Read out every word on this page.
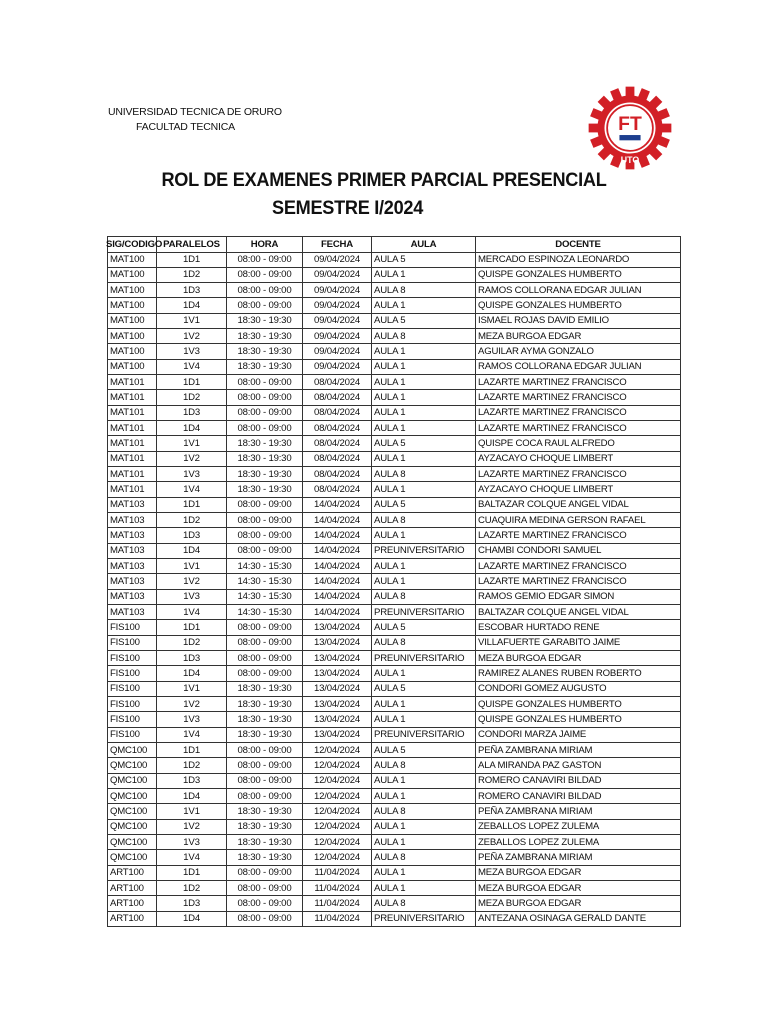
UNIVERSIDAD TECNICA DE ORURO
FACULTAD TECNICA	FT
UTO
ROL DE EXAMENES PRIMER PARCIAL PRESENCIAL
SEMESTRE I/2024
SIG/CODIGO	PARALELOS	HORA	FECHA	AULA	DOCENTE
MAT100	1D1	08:00 - 09:00	09/04/2024	AULA 5	MERCADO ESPINOZA LEONARDO
MAT100	1D2	08:00 - 09:00	09/04/2024	AULA 1	QUISPE GONZALES HUMBERTO
MAT100	1D3	08:00 - 09:00	09/04/2024	AULA 8	RAMOS COLLORANA EDGAR JULIAN
MAT100	1D4	08:00 - 09:00	09/04/2024	AULA 1	QUISPE GONZALES HUMBERTO
MAT100	1V1	18:30 - 19:30	09/04/2024	AULA 5	ISMAEL ROJAS DAVID EMILIO
MAT100	1V2	18:30 - 19:30	09/04/2024	AULA 8	MEZA BURGOA EDGAR
MAT100	1V3	18:30 - 19:30	09/04/2024	AULA 1	AGUILAR AYMA GONZALO
MAT100	1V4	18:30 - 19:30	09/04/2024	AULA 1	RAMOS COLLORANA EDGAR JULIAN
MAT101	1D1	08:00 - 09:00	08/04/2024	AULA 1	LAZARTE MARTINEZ FRANCISCO
MAT101	1D2	08:00 - 09:00	08/04/2024	AULA 1	LAZARTE MARTINEZ FRANCISCO
MAT101	1D3	08:00 - 09:00	08/04/2024	AULA 1	LAZARTE MARTINEZ FRANCISCO
MAT101	1D4	08:00 - 09:00	08/04/2024	AULA 1	LAZARTE MARTINEZ FRANCISCO
MAT101	1V1	18:30 - 19:30	08/04/2024	AULA 5	QUISPE COCA RAUL ALFREDO
MAT101	1V2	18:30 - 19:30	08/04/2024	AULA 1	AYZACAYO CHOQUE LIMBERT
MAT101	1V3	18:30 - 19:30	08/04/2024	AULA 8	LAZARTE MARTINEZ FRANCISCO
MAT101	1V4	18:30 - 19:30	08/04/2024	AULA 1	AYZACAYO CHOQUE LIMBERT
MAT103	1D1	08:00 - 09:00	14/04/2024	AULA 5	BALTAZAR COLQUE ANGEL VIDAL
MAT103	1D2	08:00 - 09:00	14/04/2024	AULA 8	CUAQUIRA MEDINA GERSON RAFAEL
MAT103	1D3	08:00 - 09:00	14/04/2024	AULA 1	LAZARTE MARTINEZ FRANCISCO
MAT103	1D4	08:00 - 09:00	14/04/2024	PREUNIVERSITARIO	CHAMBI CONDORI SAMUEL
MAT103	1V1	14:30 - 15:30	14/04/2024	AULA 1	LAZARTE MARTINEZ FRANCISCO
MAT103	1V2	14:30 - 15:30	14/04/2024	AULA 1	LAZARTE MARTINEZ FRANCISCO
MAT103	1V3	14:30 - 15:30	14/04/2024	AULA 8	RAMOS GEMIO EDGAR SIMON
MAT103	1V4	14:30 - 15:30	14/04/2024	PREUNIVERSITARIO	BALTAZAR COLQUE ANGEL VIDAL
FIS100	1D1	08:00 - 09:00	13/04/2024	AULA 5	ESCOBAR HURTADO RENE
FIS100	1D2	08:00 - 09:00	13/04/2024	AULA 8	VILLAFUERTE GARABITO JAIME
FIS100	1D3	08:00 - 09:00	13/04/2024	PREUNIVERSITARIO	MEZA BURGOA EDGAR
FIS100	1D4	08:00 - 09:00	13/04/2024	AULA 1	RAMIREZ ALANES RUBEN ROBERTO
FIS100	1V1	18:30 - 19:30	13/04/2024	AULA 5	CONDORI GOMEZ AUGUSTO
FIS100	1V2	18:30 - 19:30	13/04/2024	AULA 1	QUISPE GONZALES HUMBERTO
FIS100	1V3	18:30 - 19:30	13/04/2024	AULA 1	QUISPE GONZALES HUMBERTO
FIS100	1V4	18:30 - 19:30	13/04/2024	PREUNIVERSITARIO	CONDORI MARZA JAIME
QMC100	1D1	08:00 - 09:00	12/04/2024	AULA 5	PEÑA ZAMBRANA MIRIAM
QMC100	1D2	08:00 - 09:00	12/04/2024	AULA 8	ALA MIRANDA PAZ GASTON
QMC100	1D3	08:00 - 09:00	12/04/2024	AULA 1	ROMERO CANAVIRI BILDAD
QMC100	1D4	08:00 - 09:00	12/04/2024	AULA 1	ROMERO CANAVIRI BILDAD
QMC100	1V1	18:30 - 19:30	12/04/2024	AULA 8	PEÑA ZAMBRANA MIRIAM
QMC100	1V2	18:30 - 19:30	12/04/2024	AULA 1	ZEBALLOS LOPEZ ZULEMA
QMC100	1V3	18:30 - 19:30	12/04/2024	AULA 1	ZEBALLOS LOPEZ ZULEMA
QMC100	1V4	18:30 - 19:30	12/04/2024	AULA 8	PEÑA ZAMBRANA MIRIAM
ART100	1D1	08:00 - 09:00	11/04/2024	AULA 1	MEZA BURGOA EDGAR
ART100	1D2	08:00 - 09:00	11/04/2024	AULA 1	MEZA BURGOA EDGAR
ART100	1D3	08:00 - 09:00	11/04/2024	AULA 8	MEZA BURGOA EDGAR
ART100	1D4	08:00 - 09:00	11/04/2024	PREUNIVERSITARIO	ANTEZANA OSINAGA GERALD DANTE
